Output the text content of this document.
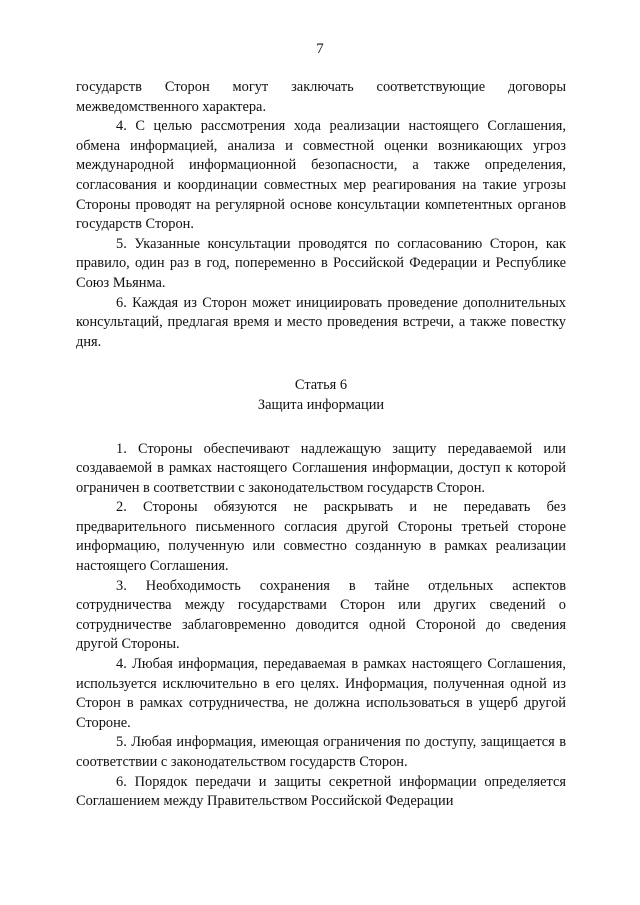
7

государств Сторон могут заключать соответствующие договоры межведомственного характера.

4. С целью рассмотрения хода реализации настоящего Соглашения, обмена информацией, анализа и совместной оценки возникающих угроз международной информационной безопасности, а также определения, согласования и координации совместных мер реагирования на такие угрозы Стороны проводят на регулярной основе консультации компетентных органов государств Сторон.

5. Указанные консультации проводятся по согласованию Сторон, как правило, один раз в год, попеременно в Российской Федерации и Республике Союз Мьянма.

6. Каждая из Сторон может инициировать проведение дополнительных консультаций, предлагая время и место проведения встречи, а также повестку дня.

Статья 6
Защита информации

1. Стороны обеспечивают надлежащую защиту передаваемой или создаваемой в рамках настоящего Соглашения информации, доступ к которой ограничен в соответствии с законодательством государств Сторон.

2. Стороны обязуются не раскрывать и не передавать без предварительного письменного согласия другой Стороны третьей стороне информацию, полученную или совместно созданную в рамках реализации настоящего Соглашения.

3. Необходимость сохранения в тайне отдельных аспектов сотрудничества между государствами Сторон или других сведений о сотрудничестве заблаговременно доводится одной Стороной до сведения другой Стороны.

4. Любая информация, передаваемая в рамках настоящего Соглашения, используется исключительно в его целях. Информация, полученная одной из Сторон в рамках сотрудничества, не должна использоваться в ущерб другой Стороне.

5. Любая информация, имеющая ограничения по доступу, защищается в соответствии с законодательством государств Сторон.

6. Порядок передачи и защиты секретной информации определяется Соглашением между Правительством Российской Федерации
